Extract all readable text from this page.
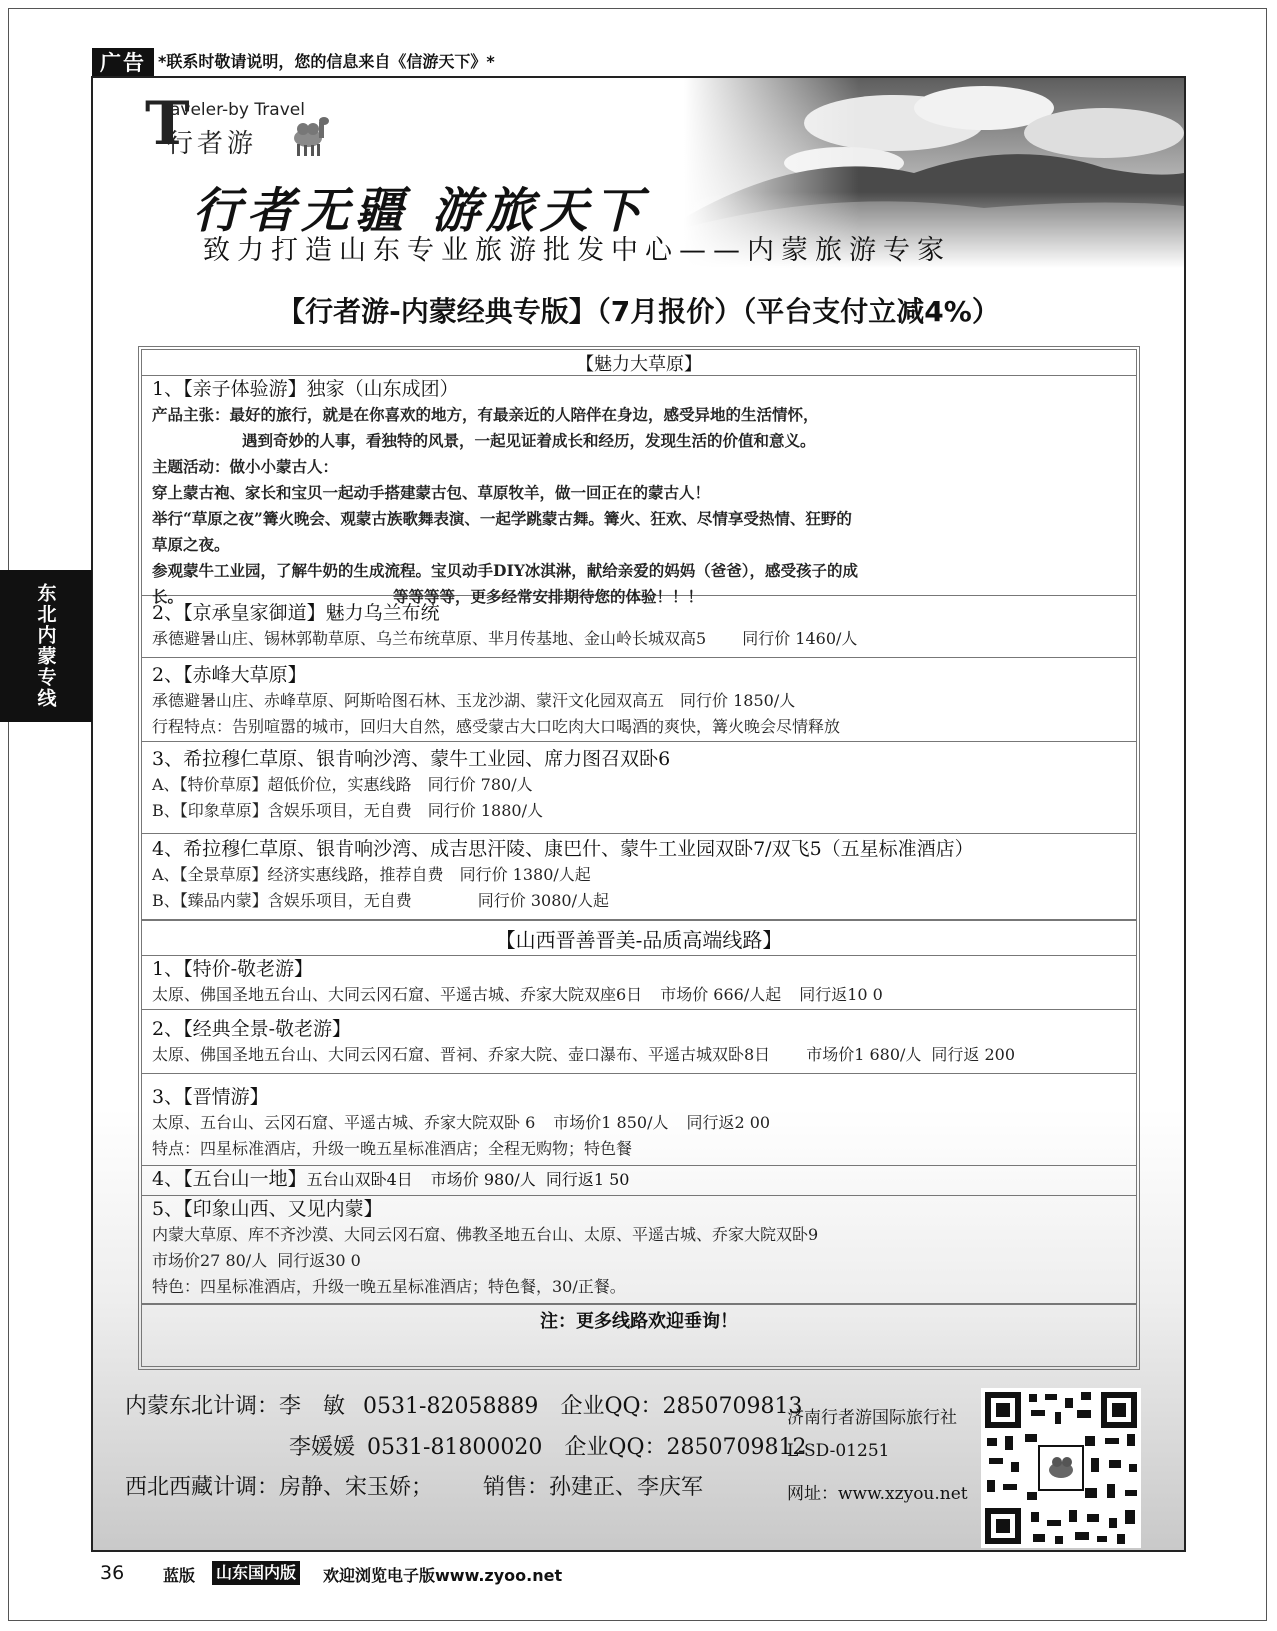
广告 *联系时敬请说明，您的信息来自《信游天下》*
T
raveler-by Travel
行者游
行者无疆 游旅天下
致力打造山东专业旅游批发中心——内蒙旅游专家
【行者游-内蒙经典专版】（7月报价）（平台支付立减4%）
【魅力大草原】
1、【亲子体验游】独家（山东成团）
产品主张：最好的旅行，就是在你喜欢的地方，有最亲近的人陪伴在身边，感受异地的生活情怀，
遇到奇妙的人事，看独特的风景，一起见证着成长和经历，发现生活的价值和意义。
主题活动：做小小蒙古人：
穿上蒙古袍、家长和宝贝一起动手搭建蒙古包、草原牧羊，做一回正在的蒙古人！
举行“草原之夜”篝火晚会、观蒙古族歌舞表演、一起学跳蒙古舞。篝火、狂欢、尽情享受热情、狂野的
草原之夜。
参观蒙牛工业园，了解牛奶的生成流程。宝贝动手DIY冰淇淋，献给亲爱的妈妈（爸爸），感受孩子的成
长。	等等等等，更多经常安排期待您的体验！！！
2、【京承皇家御道】魅力乌兰布统
承德避暑山庄、锡林郭勒草原、乌兰布统草原、芈月传基地、金山岭长城双高5 同行价 1460/人
2、【赤峰大草原】
承德避暑山庄、赤峰草原、阿斯哈图石林、玉龙沙湖、蒙汗文化园双高五 同行价 1850/人
行程特点：告别喧嚣的城市，回归大自然，感受蒙古大口吃肉大口喝酒的爽快，篝火晚会尽情释放
3、希拉穆仁草原、银肯响沙湾、蒙牛工业园、席力图召双卧6
A、【特价草原】超低价位，实惠线路 同行价 780/人
B、【印象草原】含娱乐项目，无自费 同行价 1880/人
4、希拉穆仁草原、银肯响沙湾、成吉思汗陵、康巴什、蒙牛工业园双卧7/双飞5（五星标准酒店）
A、【全景草原】经济实惠线路，推荐自费 同行价 1380/人起
B、【臻品内蒙】含娱乐项目，无自费	同行价 3080/人起
【山西晋善晋美-品质高端线路】
1、【特价-敬老游】
太原、佛国圣地五台山、大同云冈石窟、平遥古城、乔家大院双座6日 市场价 666/人起 同行返10 0
2、【经典全景-敬老游】
太原、佛国圣地五台山、大同云冈石窟、晋祠、乔家大院、壶口瀑布、平遥古城双卧8日 市场价1 680/人 同行返 200
3、【晋情游】
太原、五台山、云冈石窟、平遥古城、乔家大院双卧 6 市场价1 850/人 同行返2 00
特点：四星标准酒店，升级一晚五星标准酒店；全程无购物；特色餐
4、【五台山一地】五台山双卧4日 市场价 980/人 同行返1 50
5、【印象山西、又见内蒙】
内蒙大草原、库不齐沙漠、大同云冈石窟、佛教圣地五台山、太原、平遥古城、乔家大院双卧9
市场价27 80/人 同行返30 0
特色：四星标准酒店，升级一晚五星标准酒店；特色餐，30/正餐。
注：更多线路欢迎垂询！
内蒙东北计调：李　敏 0531-82058889 企业QQ：2850709813
李媛媛 0531-81800020 企业QQ：2850709812
西北西藏计调：房静、宋玉娇； 销售：孙建正、李庆军
济南行者游国际旅行社
L-SD-01251
网址：www.xzyou.net
东北内蒙专线
36 蓝版 山东国内版 欢迎浏览电子版www.zyoo.net
